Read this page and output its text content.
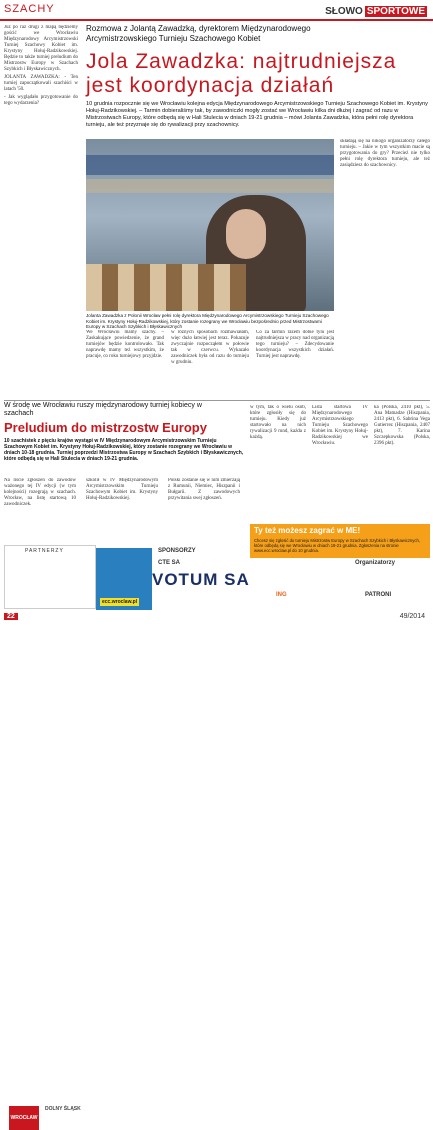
SZACHY	SŁOWO SPORTOWE

Już po raz drugi z mapą będziemy gościć we Wrocławiu Międzynarodowy Arcymistrzowski Turniej Szachowy Kobiet im. Krystyny Hołuj-Radzikowskiej. Będzie to także turniej preludium do Mistrzostw Europy w Szachach Szybkich i Błyskawicznych.

JOLANTA ZAWADZKA: - Ten turniej zapoczątkowali szachiści w latach '50.

- Jak wyglądało przygotowanie do tego wydarzenia?

Rozmowa z Jolantą Zawadzką, dyrektorem Międzynarodowego Arcymistrzowskiego Turnieju Szachowego Kobiet
Jola Zawadzka: najtrudniejsza jest koordynacja działań
10 grudnia rozpocznie się we Wrocławiu kolejna edycja Międzynarodowego Arcymistrzowskiego Turnieju Szachowego Kobiet im. Krystyny Hołuj-Radzikowskiej. – Tarmin dobieraliśmy tak, by zawodniczki mogły zostać we Wrocławiu kilka dni dłużej i zagrać od razu w Mistrzostwach Europy, które odbędą się w Hali Stulecia w dniach 19-21 grudnia – mówi Jolanta Zawadzka, która pełni rolę dyrektora turnieju, ale też przyznaje się do rywalizacji przy szachownicy.
składają się na nikogo organizatorzy całego turnieju. – Jakie w tym wszystkim macie są przygotowania do gry? Przecież nie tylko pełni rolę dyrektora turnieju, ale też zasiądziesz do szachownicy.
Jolanta Zawadzka z Polonii Wrocław pełni rolę dyrektora Międzynarodowego Arcymistrzowskiego Turnieju Szachowego Kobiet im. Krystyny Hołuj-Radzikowskiej, który zostanie rozegrany we Wrocławiu bezpośrednio przed Mistrzostwami Europy w Szachach Szybkich i Błyskawicznych
We Wrocławiu mamy szachy. – Zaskakujące powiedzenie, że grand turniejów będzie kontrolowało. Tak naprawdę mamy też wszystkim, że pracuje, co roku turniejowy przyjdzie.
w różnych sposobach rozmawiałam, więc dużo łatwiej jest teraz. Pokazuje zwyczajnie rozpocząłem w połowie tak w czerwcu. Wykazało zawodniczek była od razu do turnieju w grudniu.
Co za tarmin razem dobie tylu jest najtrudniejsza w pracy nad organizacją tego turnieju? – Zdecydowanie koordynacja wszystkich działań. Turniej jest naprawdę.
W środę we Wrocławiu ruszy międzynarodowy turniej kobiecy w szachach
Preludium do mistrzostw Europy
10 szachistek z pięciu krajów wystąpi w IV Międzynarodowym Arcymistrzowskim Turnieju Szachowym Kobiet im. Krystyny Hołuj-Radzikowskiej, który zostanie rozegrany we Wrocławiu w dniach 10-18 grudnia. Turniej poprzedzi Mistrzostwa Europy w Szachach Szybkich i Błyskawicznych, które odbędą się w Hali Stulecia w dniach 19-21 grudnia.
Na liście zgłoszeń do zawodów ważonego tej IV edycji (w tym kolejności) rozegrają w szachach. Wrocław, na listę startową 10 zawodniczek.
szkolił w IV Międzynarodowym Arcymistrzowskim Turnieju Szachowym Kobiet im. Krystyny Hołuj-Radzikowskiej.
Polski zostanie się w nim zmierzają z Rumunii, Niemiec, Hiszpanii i Bułgarii. Z zawodowych przywitania swej zgłoszeń.
w tym, tak o wielu osób, które zgłosiły się do turnieju. Kiedy już startowało na nich rywalizacji 9 rund, każda z każdą.
Lista startowa IV Międzynarodowego Arcymistrzowskiego Turnieju Szachowego Kobiet im. Krystyny Hołuj-Radzikowskiej we Wrocławiu.
ka (Polska, 2410 pkt), 5. Ana Matnadze (Hiszpania, 2413 pkt), 6. Sabrina Vega Gutierrez (Hiszpania, 2407 pkt), 7. Karina Szczepkowska (Polska, 2396 pkt).
Ty też możesz zagrać w ME!
Chcesz się zgłosić do turnieju Mistrzostw Europy w Szachach Szybkich i Błyskawicznych, które odbędą się we Wrocławiu w dniach 19-21 grudnia. Zgłoszenia na stronie www.ecc.wroclaw.pl do 10 grudnia.
PARTNERZY
WROCŁAW
DOLNY ŚLĄSK
ecc.wroclaw.pl
SPONSORZY
CTE SA
ING
VOTUM SA
Organizatorzy
PATRONI
22	49/2014
